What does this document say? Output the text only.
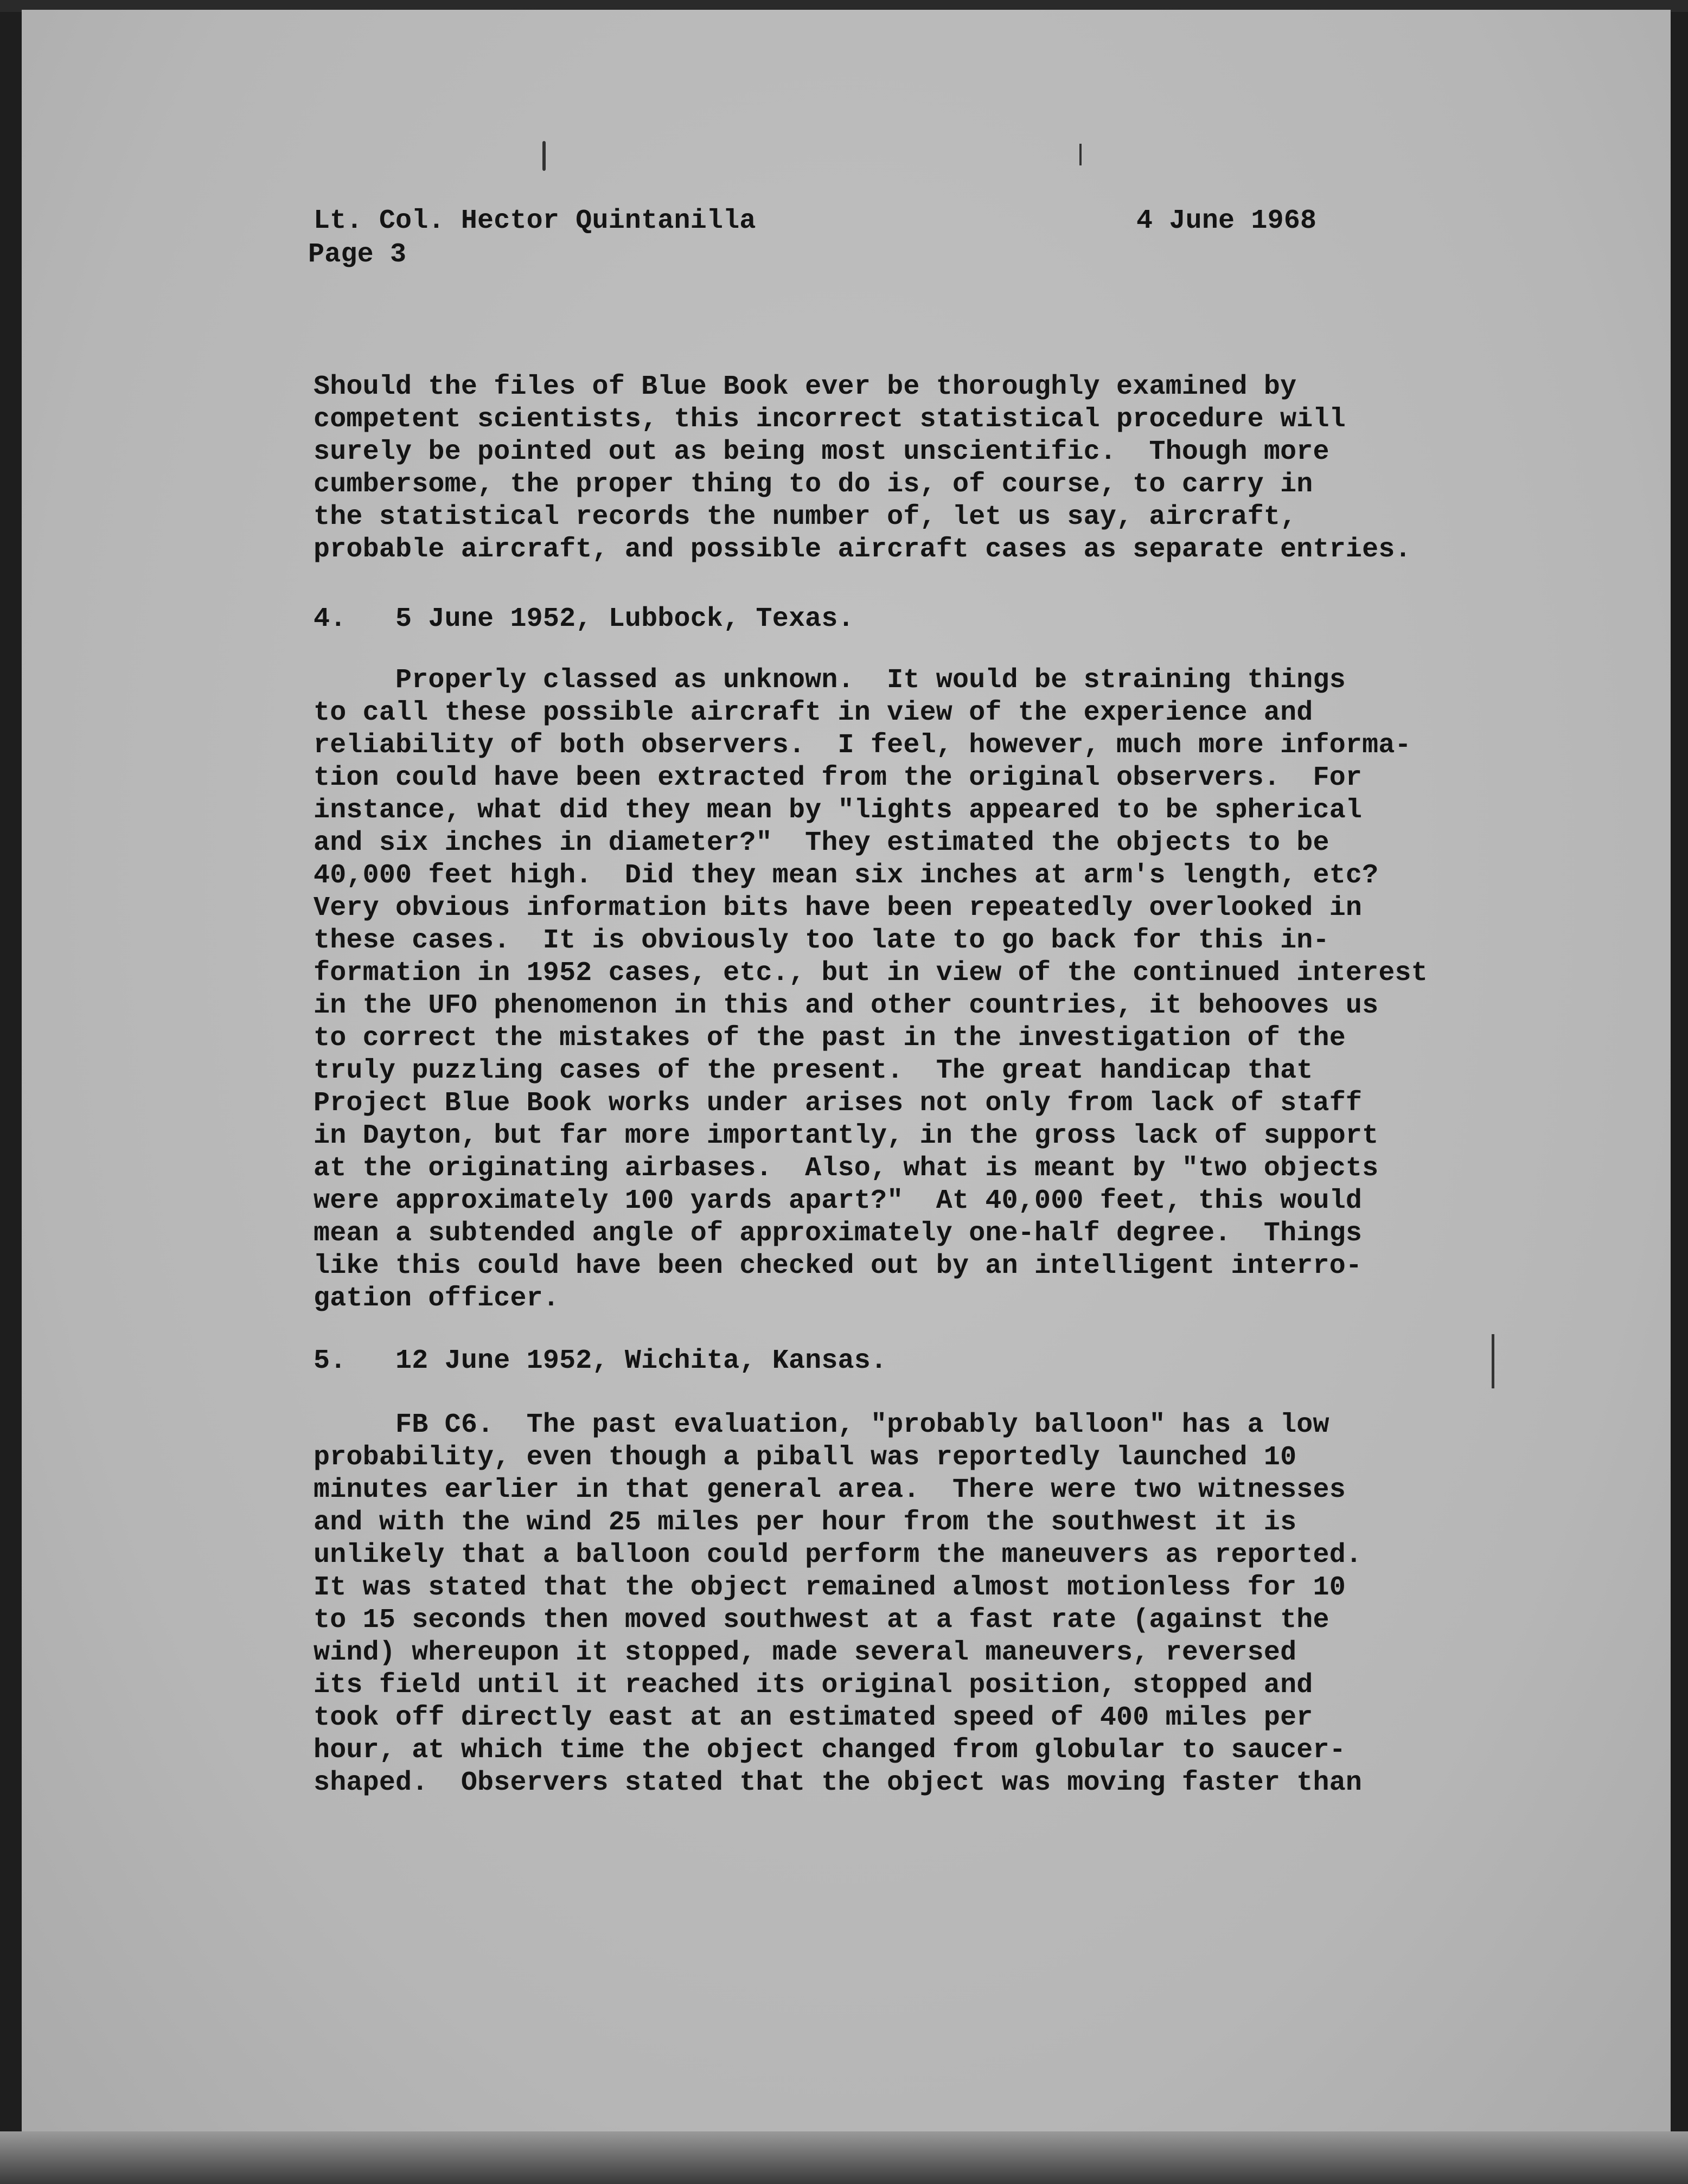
Lt. Col. Hector Quintanilla	4 June 1968
Page 3
Should the files of Blue Book ever be thoroughly examined by
competent scientists, this incorrect statistical procedure will
surely be pointed out as being most unscientific.  Though more
cumbersome, the proper thing to do is, of course, to carry in
the statistical records the number of, let us say, aircraft,
probable aircraft, and possible aircraft cases as separate entries.
4.   5 June 1952, Lubbock, Texas.
Properly classed as unknown.  It would be straining things
to call these possible aircraft in view of the experience and
reliability of both observers.  I feel, however, much more informa-
tion could have been extracted from the original observers.  For
instance, what did they mean by "lights appeared to be spherical
and six inches in diameter?"  They estimated the objects to be
40,000 feet high.  Did they mean six inches at arm's length, etc?
Very obvious information bits have been repeatedly overlooked in
these cases.  It is obviously too late to go back for this in-
formation in 1952 cases, etc., but in view of the continued interest
in the UFO phenomenon in this and other countries, it behooves us
to correct the mistakes of the past in the investigation of the
truly puzzling cases of the present.  The great handicap that
Project Blue Book works under arises not only from lack of staff
in Dayton, but far more importantly, in the gross lack of support
at the originating airbases.  Also, what is meant by "two objects
were approximately 100 yards apart?"  At 40,000 feet, this would
mean a subtended angle of approximately one-half degree.  Things
like this could have been checked out by an intelligent interro-
gation officer.
5.   12 June 1952, Wichita, Kansas.
FB C6.  The past evaluation, "probably balloon" has a low
probability, even though a piball was reportedly launched 10
minutes earlier in that general area.  There were two witnesses
and with the wind 25 miles per hour from the southwest it is
unlikely that a balloon could perform the maneuvers as reported.
It was stated that the object remained almost motionless for 10
to 15 seconds then moved southwest at a fast rate (against the
wind) whereupon it stopped, made several maneuvers, reversed
its field until it reached its original position, stopped and
took off directly east at an estimated speed of 400 miles per
hour, at which time the object changed from globular to saucer-
shaped.  Observers stated that the object was moving faster than
